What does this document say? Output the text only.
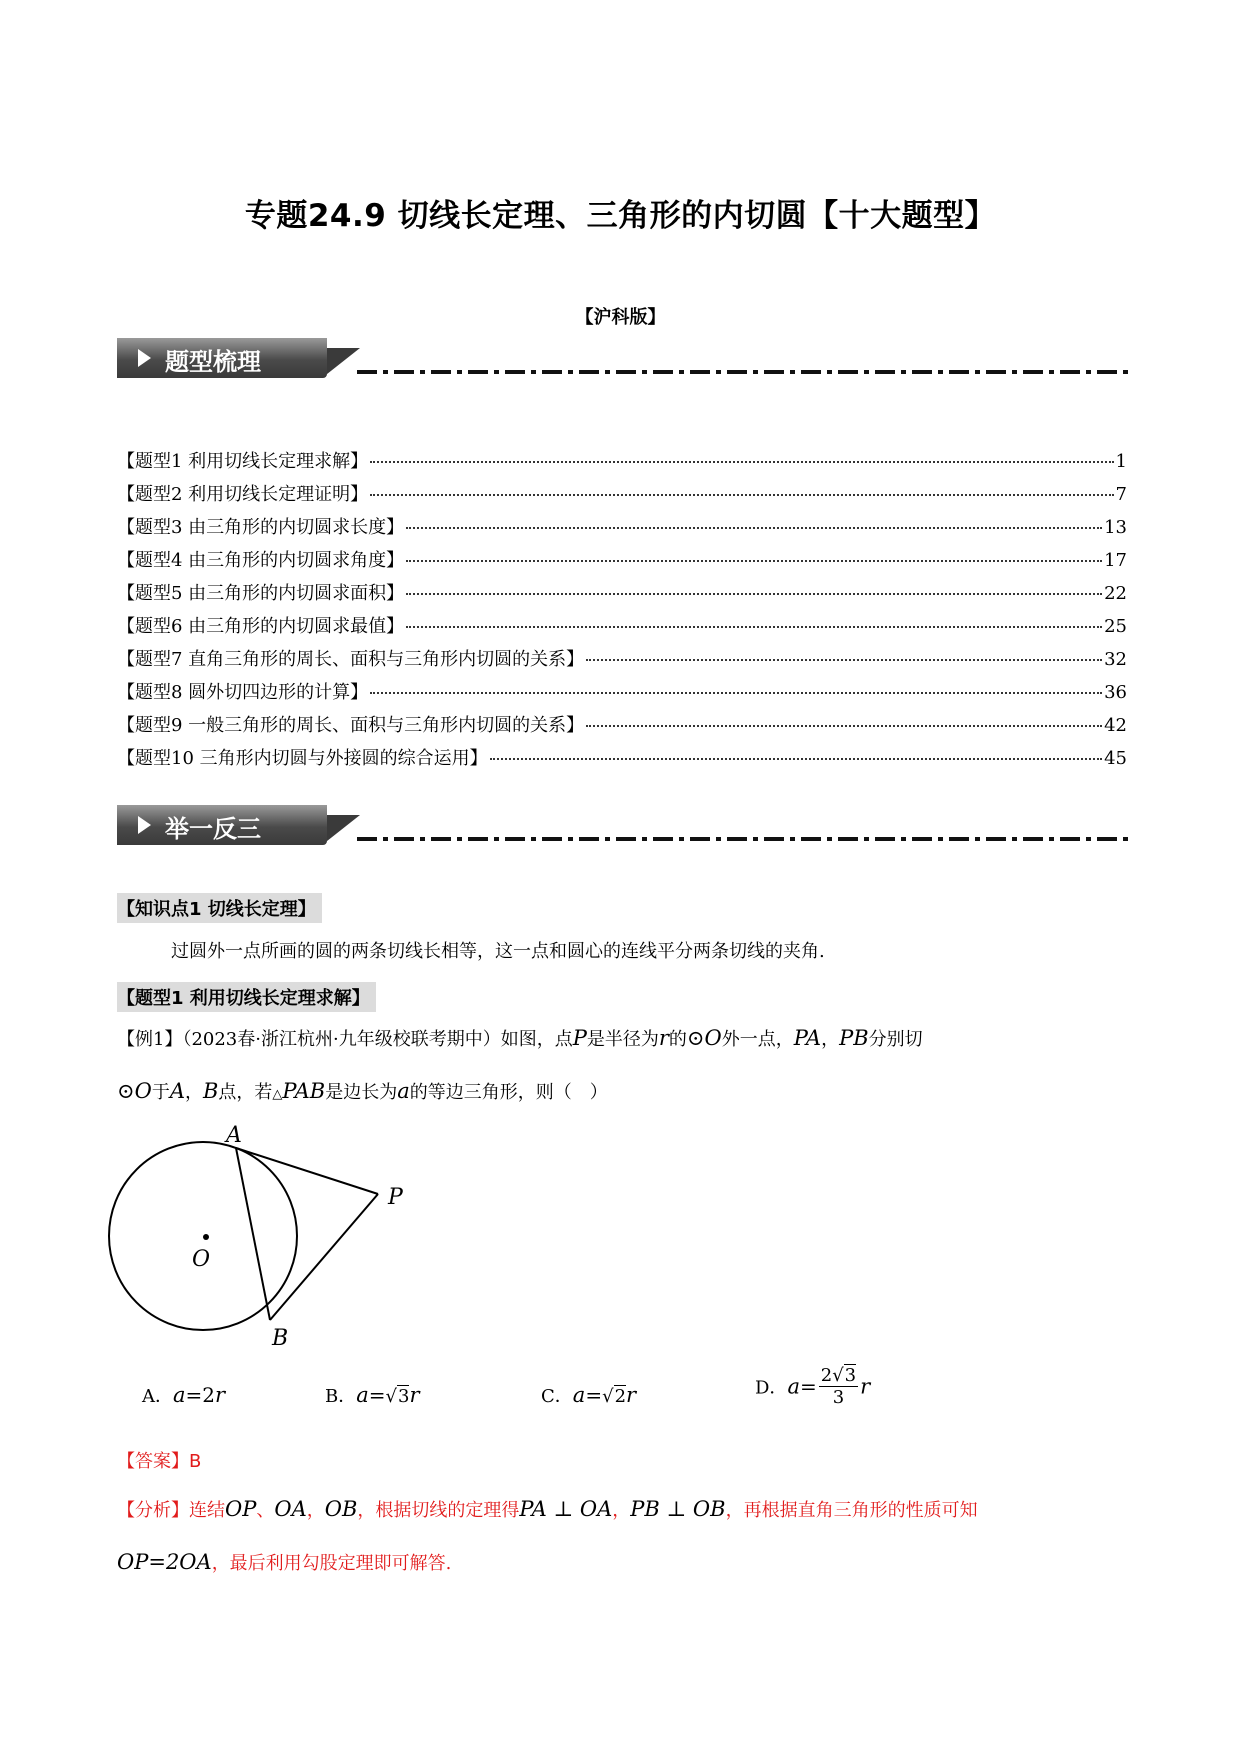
专题24.9 切线长定理、三角形的内切圆【十大题型】
【沪科版】
题型梳理
【题型1 利用切线长定理求解】	1
【题型2 利用切线长定理证明】	7
【题型3 由三角形的内切圆求长度】	13
【题型4 由三角形的内切圆求角度】	17
【题型5 由三角形的内切圆求面积】	22
【题型6 由三角形的内切圆求最值】	25
【题型7 直角三角形的周长、面积与三角形内切圆的关系】	32
【题型8 圆外切四边形的计算】	36
【题型9 一般三角形的周长、面积与三角形内切圆的关系】	42
【题型10 三角形内切圆与外接圆的综合运用】	45
举一反三
【知识点1 切线长定理】
过圆外一点所画的圆的两条切线长相等，这一点和圆心的连线平分两条切线的夹角.
【题型1 利用切线长定理求解】
【例1】（2023春·浙江杭州·九年级校联考期中）如图，点P是半径为r的⊙O外一点，PA，PB分别切
⊙O于A，B点，若△PAB是边长为a的等边三角形，则（　）
A
B
P
O
A．a=2r	B．a=√3r	C．a=√2r	D．$a= \frac{2√3}{3}$ r
【答案】B
【分析】连结OP、OA，OB，根据切线的定理得PA ⊥ OA，PB ⊥ OB，再根据直角三角形的性质可知
OP=2OA，最后利用勾股定理即可解答.
